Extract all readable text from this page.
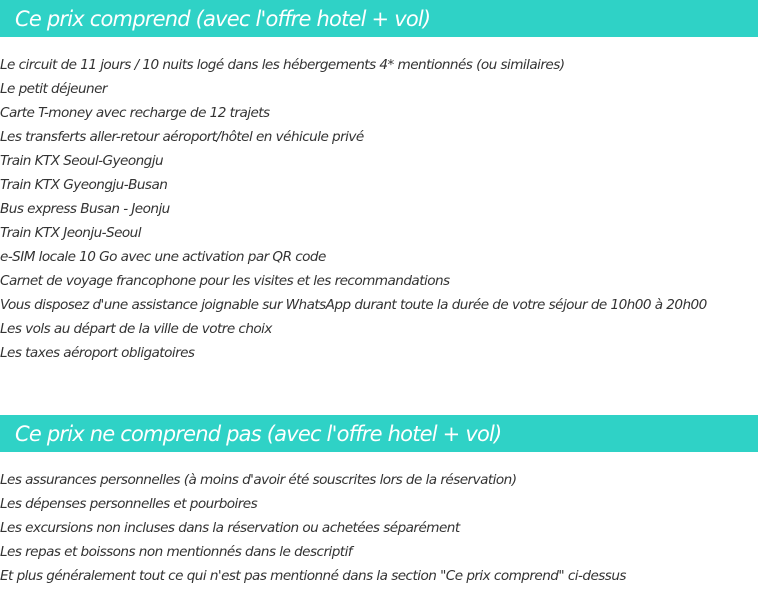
Ce prix comprend (avec l'offre hotel + vol)
Le circuit de 11 jours / 10 nuits logé dans les hébergements 4* mentionnés (ou similaires)
Le petit déjeuner
Carte T-money avec recharge de 12 trajets
Les transferts aller-retour aéroport/hôtel en véhicule privé
Train KTX Seoul-Gyeongju
Train KTX Gyeongju-Busan
Bus express Busan - Jeonju
Train KTX Jeonju-Seoul
e-SIM locale 10 Go avec une activation par QR code
Carnet de voyage francophone pour les visites et les recommandations
Vous disposez d'une assistance joignable sur WhatsApp durant toute la durée de votre séjour de 10h00 à 20h00
Les vols au départ de la ville de votre choix
Les taxes aéroport obligatoires
Ce prix ne comprend pas (avec l'offre hotel + vol)
Les assurances personnelles (à moins d'avoir été souscrites lors de la réservation)
Les dépenses personnelles et pourboires
Les excursions non incluses dans la réservation ou achetées séparément
Les repas et boissons non mentionnés dans le descriptif
Et plus généralement tout ce qui n'est pas mentionné dans la section "Ce prix comprend" ci-dessus
